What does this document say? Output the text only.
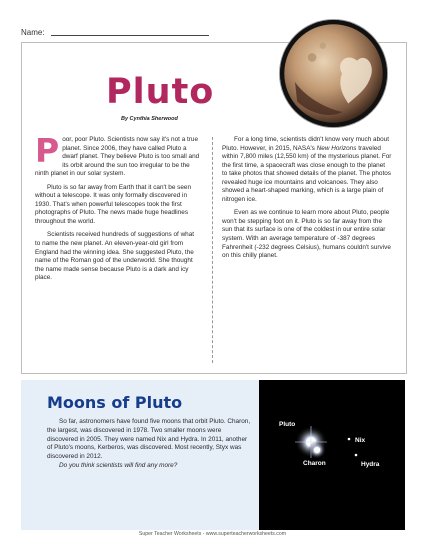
Name:
Pluto
By Cynthia Sherwood

Poor, poor Pluto. Scientists now say it's not a true planet. Since 2006, they have called Pluto a dwarf planet. They believe Pluto is too small and its orbit around the sun too irregular to be the ninth planet in our solar system.

Pluto is so far away from Earth that it can't be seen without a telescope. It was only formally discovered in 1930. That's when powerful telescopes took the first photographs of Pluto. The news made huge headlines throughout the world.

Scientists received hundreds of suggestions of what to name the new planet. An eleven-year-old girl from England had the winning idea. She suggested Pluto, the name of the Roman god of the underworld. She thought the name made sense because Pluto is a dark and icy place.

For a long time, scientists didn't know very much about Pluto. However, in 2015, NASA's New Horizons traveled within 7,800 miles (12,550 km) of the mysterious planet. For the first time, a spacecraft was close enough to the planet to take photos that showed details of the planet. The photos revealed huge ice mountains and volcanoes. They also showed a heart-shaped marking, which is a large plain of nitrogen ice.

Even as we continue to learn more about Pluto, people won't be stepping foot on it. Pluto is so far away from the sun that its surface is one of the coldest in our entire solar system. With an average temperature of -387 degrees Fahrenheit (-232 degrees Celsius), humans couldn't survive on this chilly planet.

Moons of Pluto

So far, astronomers have found five moons that orbit Pluto. Charon, the largest, was discovered in 1978. Two smaller moons were discovered in 2005. They were named Nix and Hydra. In 2011, another of Pluto's moons, Kerberos, was discovered. Most recently, Styx was discovered in 2012.

Do you think scientists will find any more?

Pluto
Nix
Charon	Hydra
Super Teacher Worksheets - www.superteacherworksheets.com
